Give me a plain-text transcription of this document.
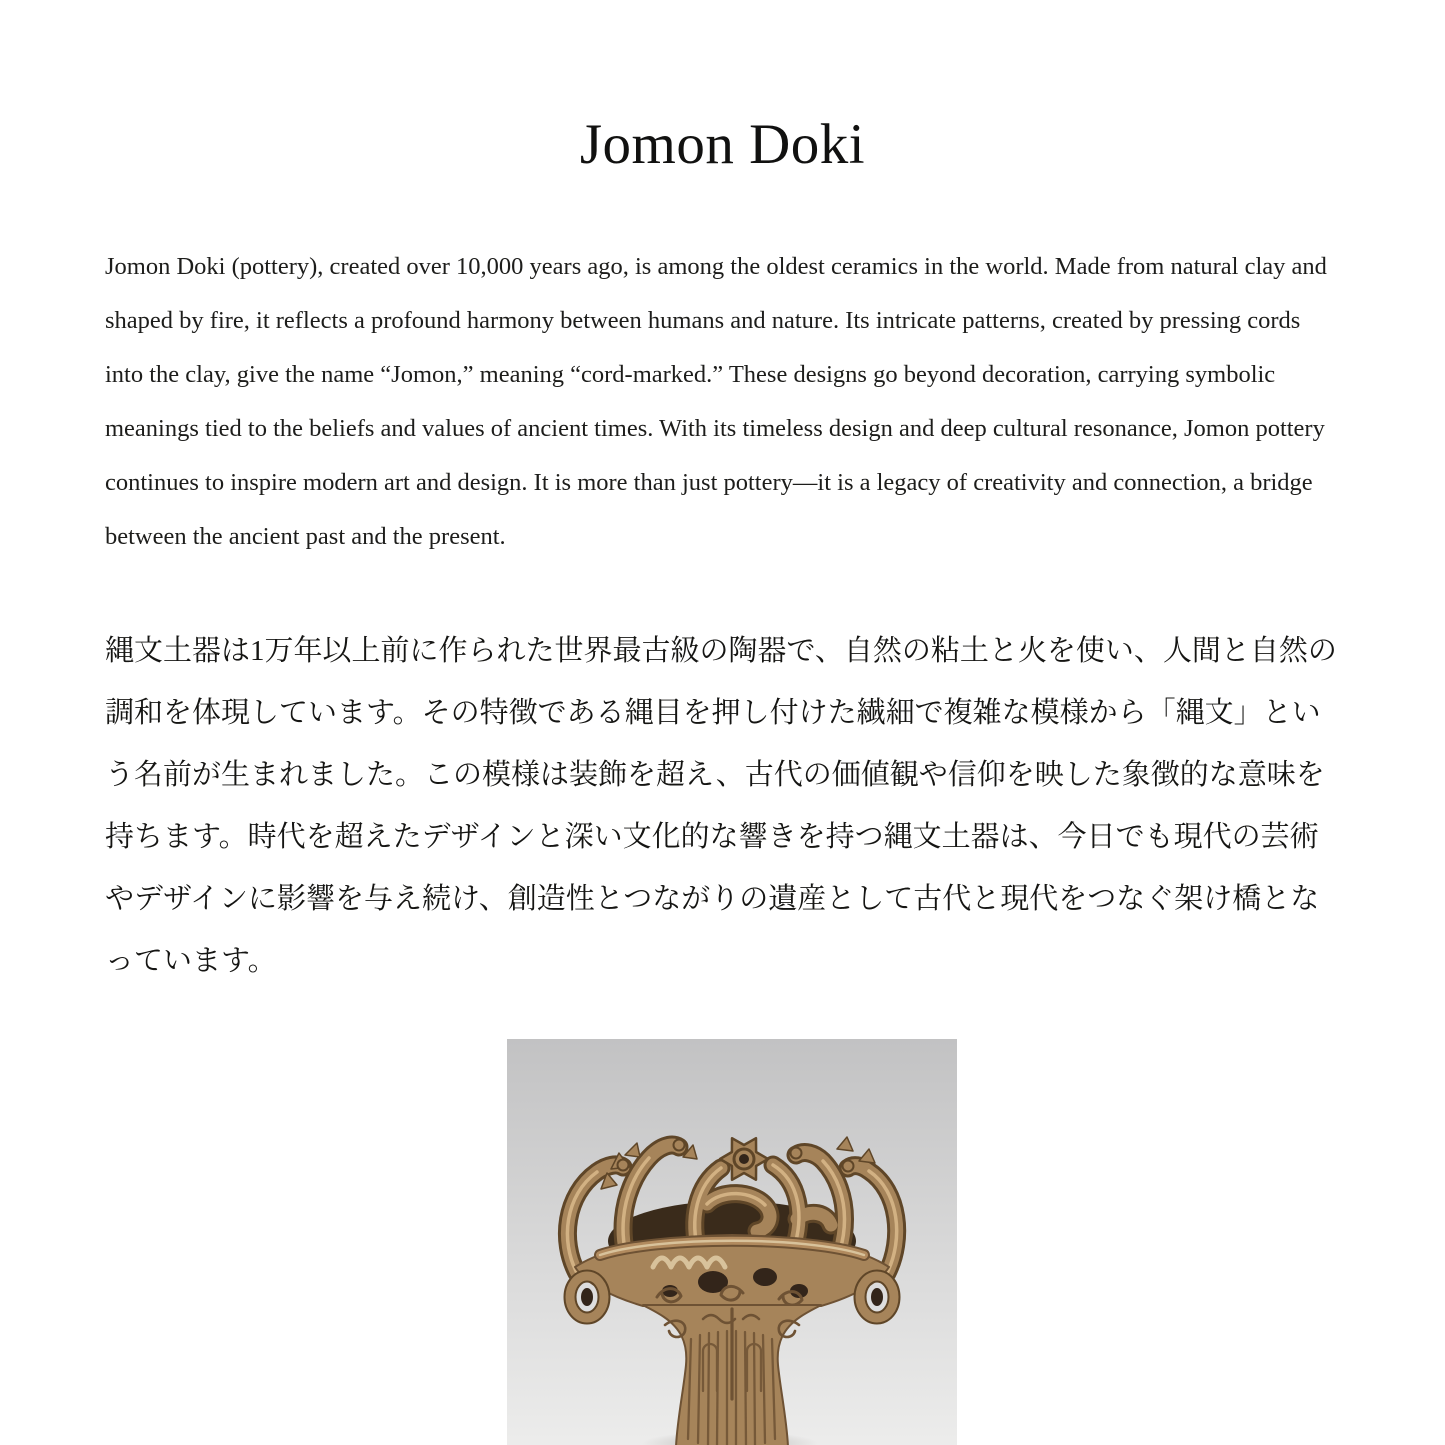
Jomon Doki

Jomon Doki (pottery), created over 10,000 years ago, is among the oldest ceramics in the world. Made from natural clay and shaped by fire, it reflects a profound harmony between humans and nature. Its intricate patterns, created by pressing cords into the clay, give the name “Jomon,” meaning “cord-marked.” These designs go beyond decoration, carrying symbolic meanings tied to the beliefs and values of ancient times. With its timeless design and deep cultural resonance, Jomon pottery continues to inspire modern art and design. It is more than just pottery—it is a legacy of creativity and connection, a bridge between the ancient past and the present.

縄文土器は1万年以上前に作られた世界最古級の陶器で、自然の粘土と火を使い、人間と自然の調和を体現しています。その特徴である縄目を押し付けた繊細で複雑な模様から「縄文」という名前が生まれました。この模様は装飾を超え、古代の価値観や信仰を映した象徴的な意味を持ちます。時代を超えたデザインと深い文化的な響きを持つ縄文土器は、今日でも現代の芸術やデザインに影響を与え続け、創造性とつながりの遺産として古代と現代をつなぐ架け橋となっています。
